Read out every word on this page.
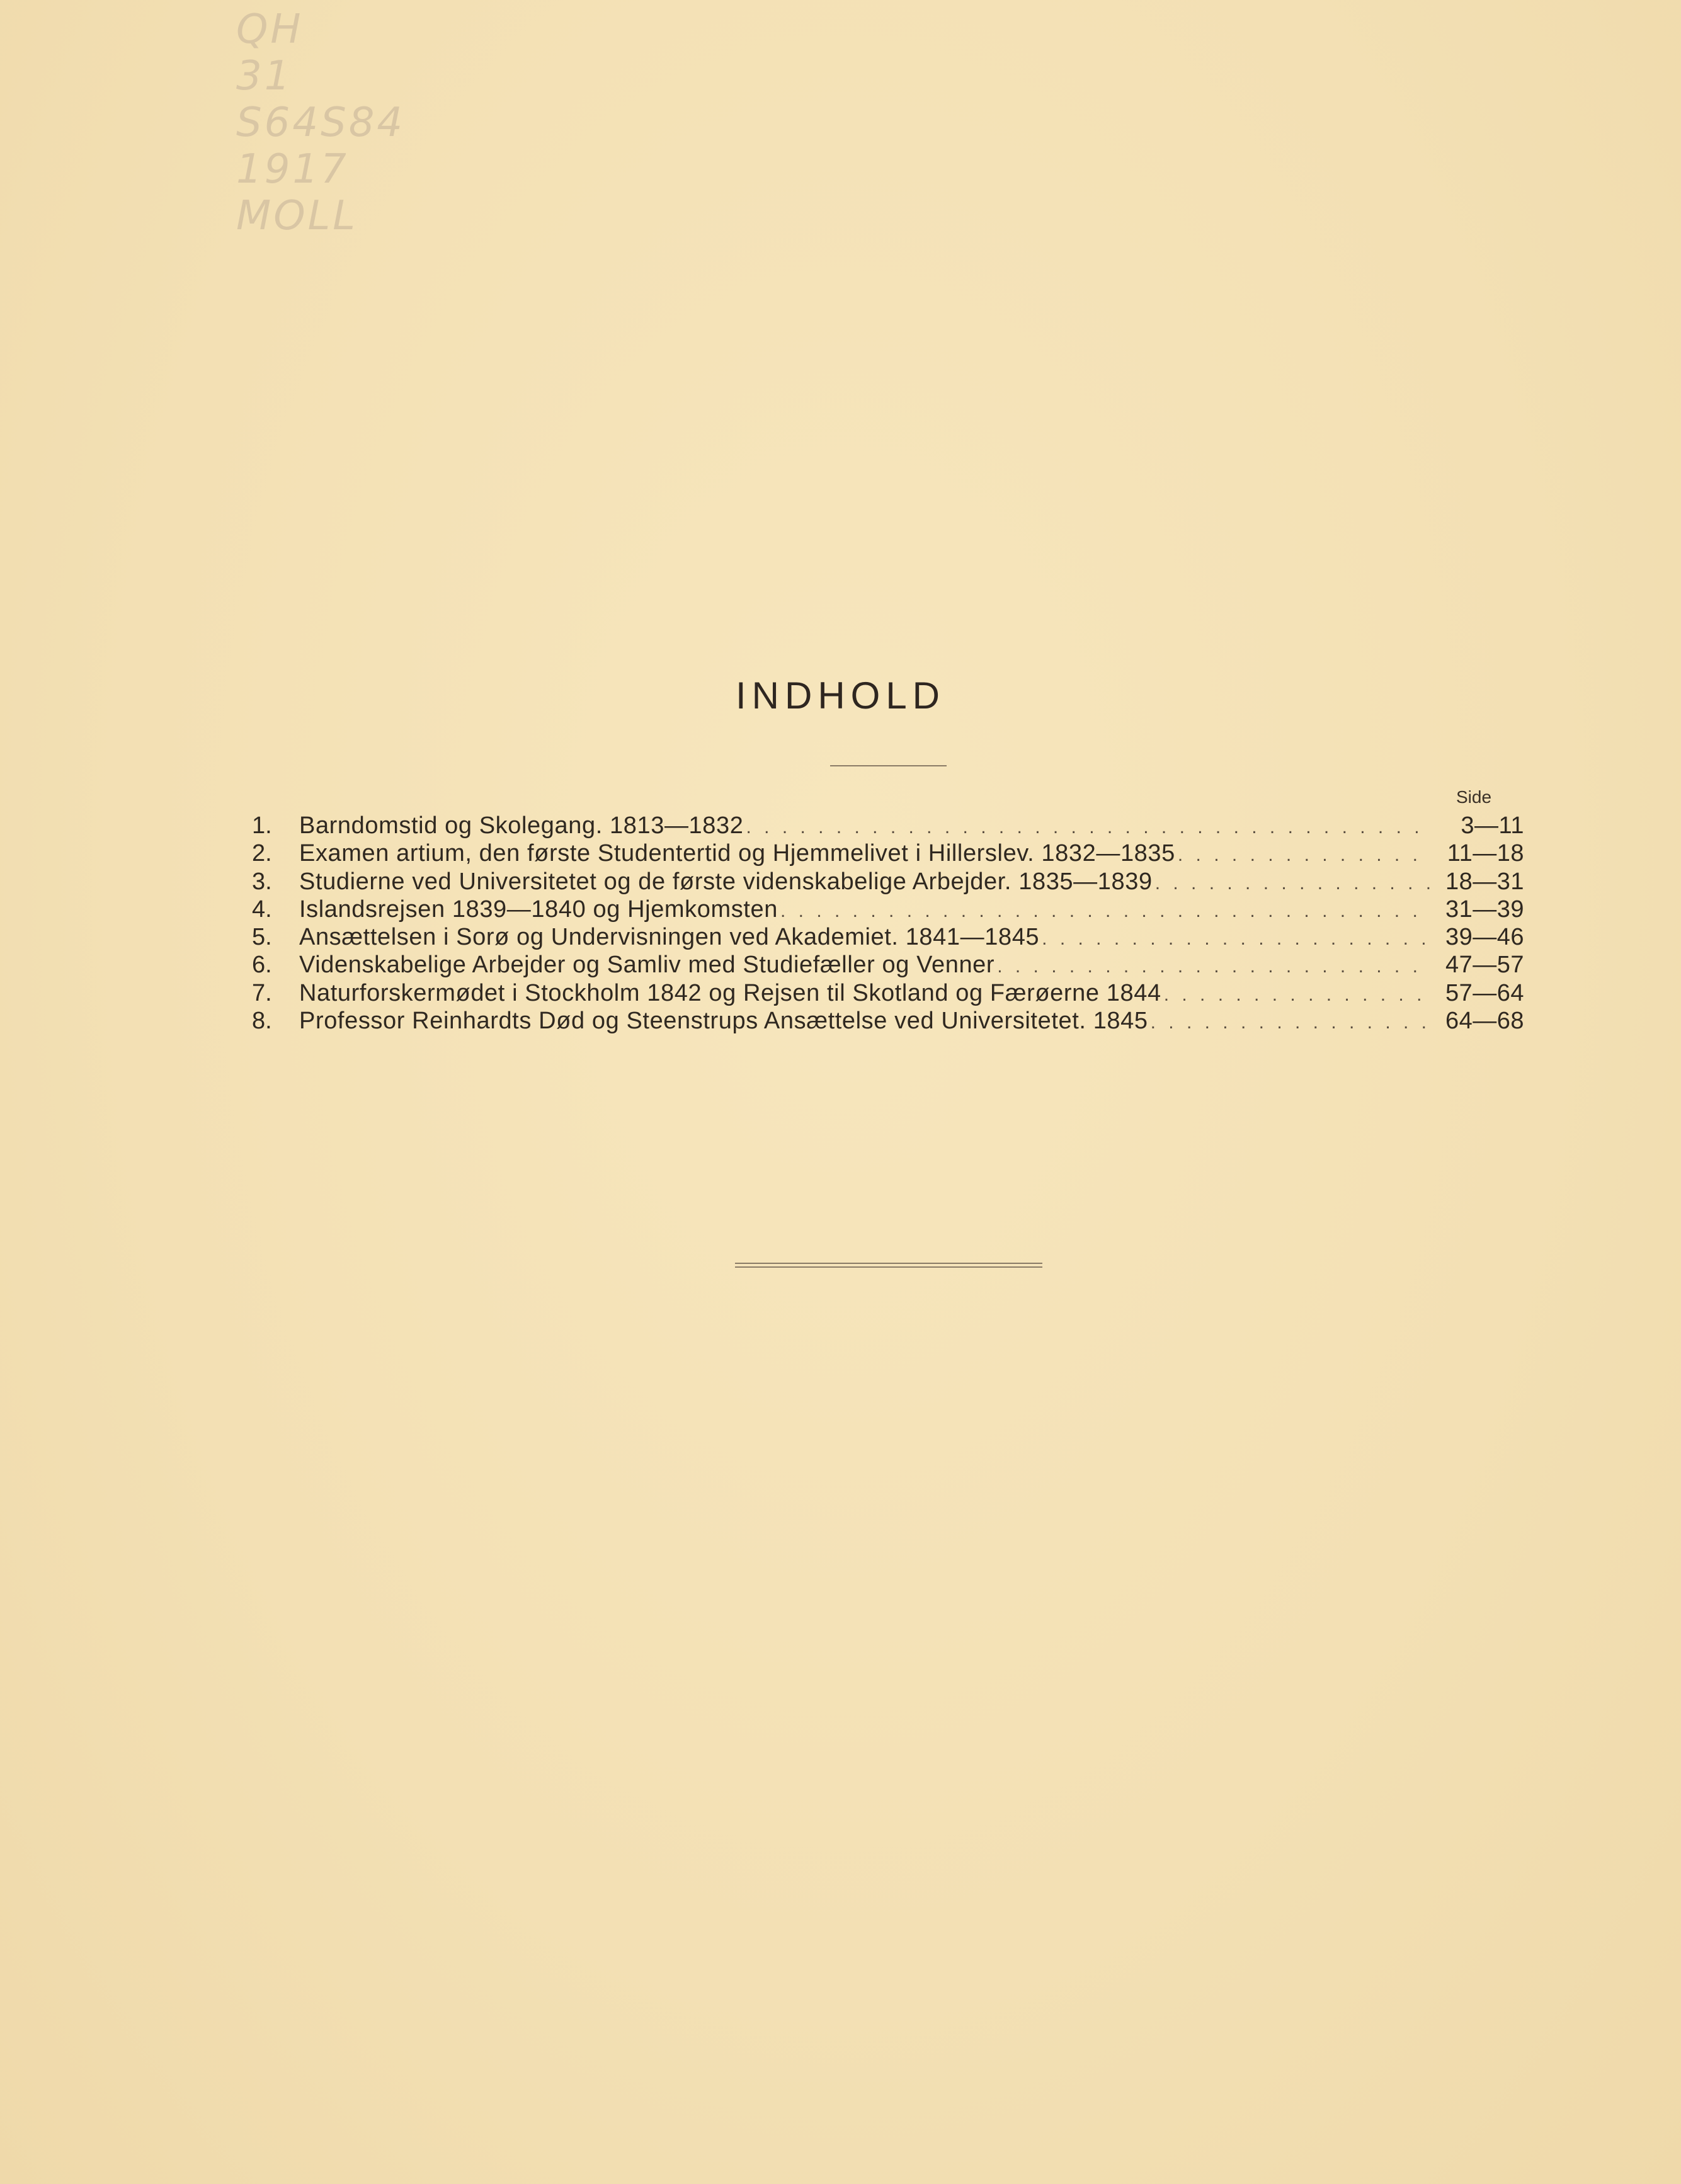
QH
31
S64S84
1917
MOLL
INDHOLD
Side
1.	Barndomstid og Skolegang. 1813—1832 . . .	3—11
2.	Examen artium, den første Studentertid og Hjemmelivet i Hillerslev. 1832—1835 . . .	11—18
3.	Studierne ved Universitetet og de første videnskabelige Arbejder. 1835—1839 . . .	18—31
4.	Islandsrejsen 1839—1840 og Hjemkomsten . . .	31—39
5.	Ansættelsen i Sorø og Undervisningen ved Akademiet. 1841—1845 . . .	39—46
6.	Videnskabelige Arbejder og Samliv med Studiefæller og Venner . . .	47—57
7.	Naturforskermødet i Stockholm 1842 og Rejsen til Skotland og Færøerne 1844 . . .	57—64
8.	Professor Reinhardts Død og Steenstrups Ansættelse ved Universitetet. 1845 . . .	64—68
